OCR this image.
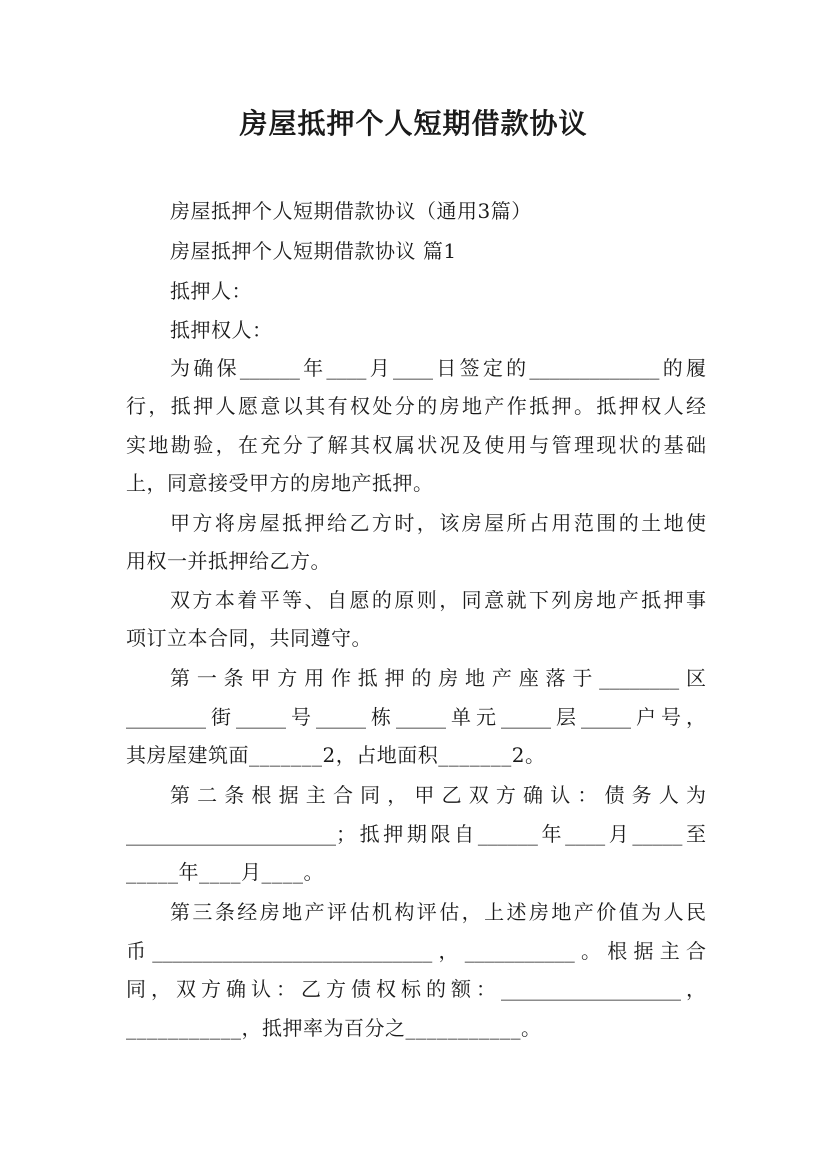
房屋抵押个人短期借款协议
房屋抵押个人短期借款协议（通用3篇）
房屋抵押个人短期借款协议 篇1
抵押人：
抵押权人：
为确保______年____月____日签定的_____________的履
行，抵押人愿意以其有权处分的房地产作抵押。抵押权人经
实地勘验，在充分了解其权属状况及使用与管理现状的基础
上，同意接受甲方的房地产抵押。
甲方将房屋抵押给乙方时，该房屋所占用范围的土地使
用权一并抵押给乙方。
双方本着平等、自愿的原则，同意就下列房地产抵押事
项订立本合同，共同遵守。
第一条甲方用作抵押的房地产座落于________区
________街_____号_____栋_____单元_____层_____户号，
其房屋建筑面_______2，占地面积_______2。
第二条根据主合同，甲乙双方确认：债务人为
_____________________；抵押期限自______年____月_____至
_____年____月____。
第三条经房地产评估机构评估，上述房地产价值为人民
币____________________________，___________。根据主合
同，双方确认：乙方债权标的额：__________________，
___________，抵押率为百分之___________。
